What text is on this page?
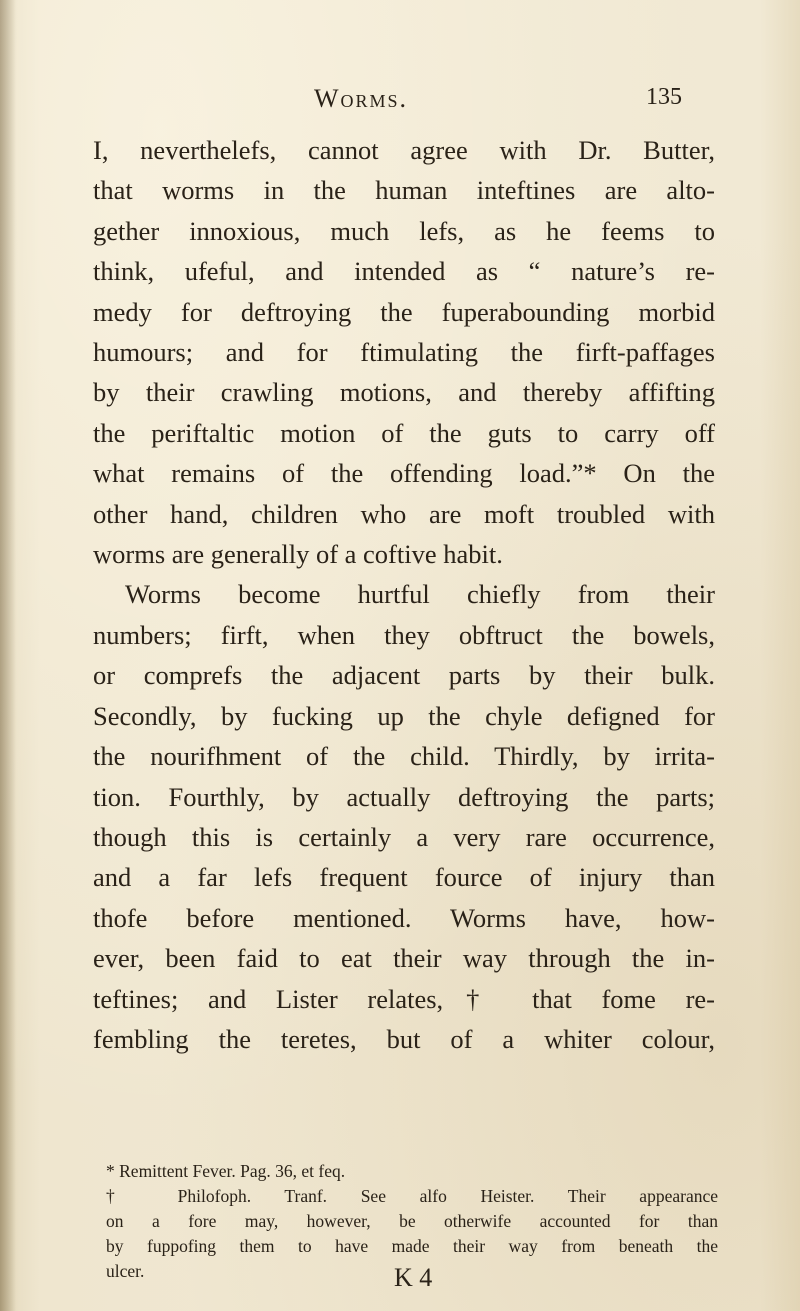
Worms.	135
I, neverthelefs, cannot agree with Dr. Butter,
that worms in the human inteftines are alto-
gether innoxious, much lefs, as he feems to
think, ufeful, and intended as “ nature’s re-
medy for deftroying the fuperabounding morbid
humours; and for ftimulating the firft-paffages
by their crawling motions, and thereby affifting
the periftaltic motion of the guts to carry off
what remains of the offending load.”* On the
other hand, children who are moft troubled with
worms are generally of a coftive habit.
Worms become hurtful chiefly from their
numbers; firft, when they obftruct the bowels,
or comprefs the adjacent parts by their bulk.
Secondly, by fucking up the chyle defigned for
the nourifhment of the child. Thirdly, by irrita-
tion. Fourthly, by actually deftroying the parts;
though this is certainly a very rare occurrence,
and a far lefs frequent fource of injury than
thofe before mentioned. Worms have, how-
ever, been faid to eat their way through the in-
teftines; and Lister relates,† that fome re-
fembling the teretes, but of a whiter colour,
* Remittent Fever. Pag. 36, et feq.
† Philofoph. Tranf. See alfo Heister. Their appearance
on a fore may, however, be otherwife accounted for than
by fuppofing them to have made their way from beneath the
ulcer.	K 4
